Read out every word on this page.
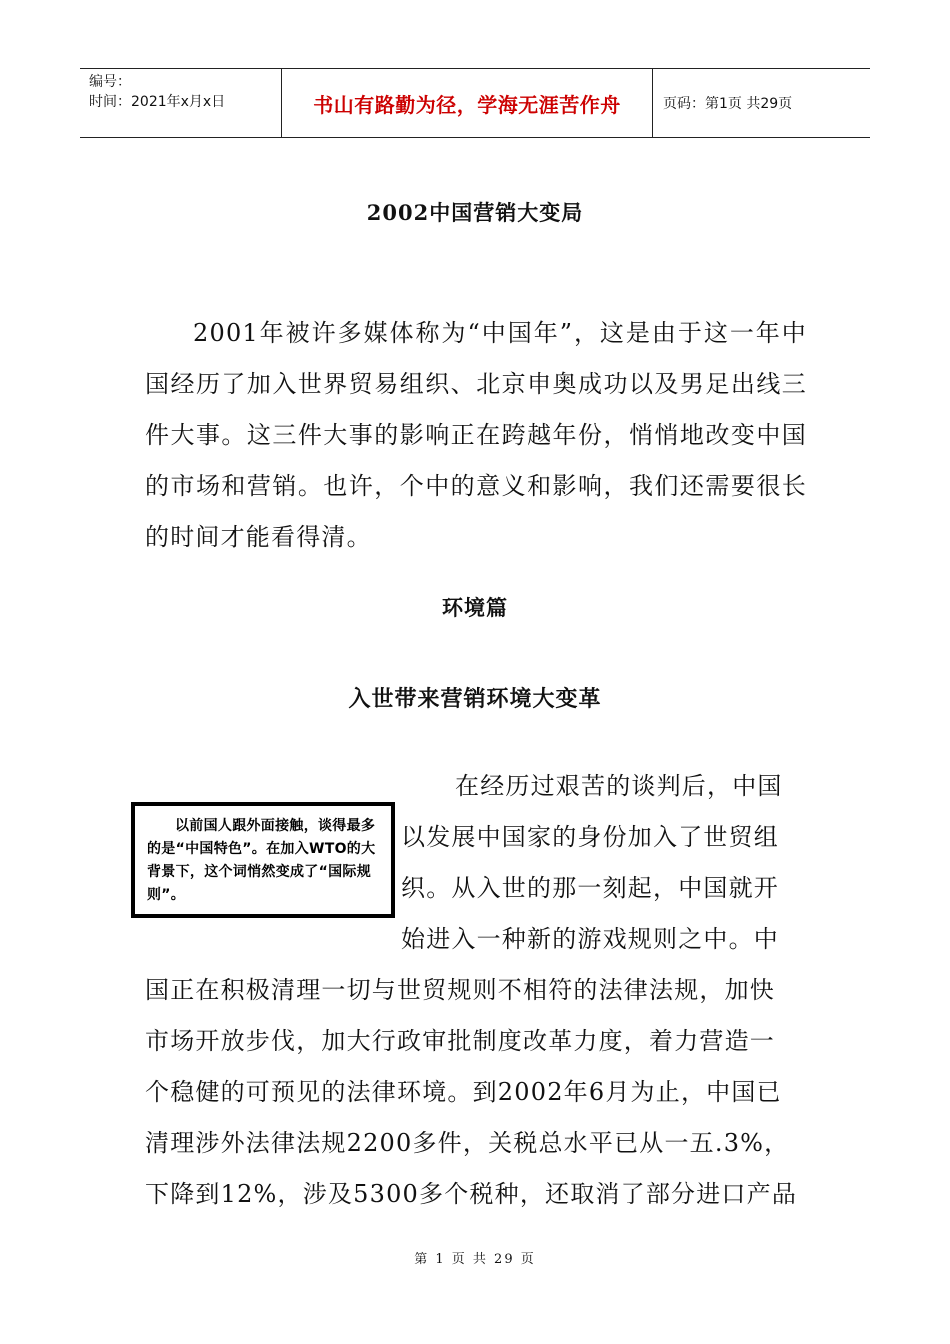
编号：
时间：2021年x月x日	书山有路勤为径，学海无涯苦作舟	页码：第1页 共29页
2002中国营销大变局
2001年被许多媒体称为“中国年”，这是由于这一年中国经历了加入世界贸易组织、北京申奥成功以及男足出线三件大事。这三件大事的影响正在跨越年份，悄悄地改变中国的市场和营销。也许，个中的意义和影响，我们还需要很长的时间才能看得清。
环境篇
入世带来营销环境大变革
在经历过艰苦的谈判后，中国
以发展中国家的身份加入了世贸组
织。从入世的那一刻起，中国就开
始进入一种新的游戏规则之中。中
国正在积极清理一切与世贸规则不相符的法律法规，加快
市场开放步伐，加大行政审批制度改革力度，着力营造一
个稳健的可预见的法律环境。到2002年6月为止，中国已
清理涉外法律法规2200多件，关税总水平已从一五.3%，
下降到12%，涉及5300多个税种，还取消了部分进口产品
以前国人跟外面接触，谈得最多的是“中国特色”。在加入WTO的大背景下，这个词悄然变成了“国际规则”。
第 1 页 共 29 页
